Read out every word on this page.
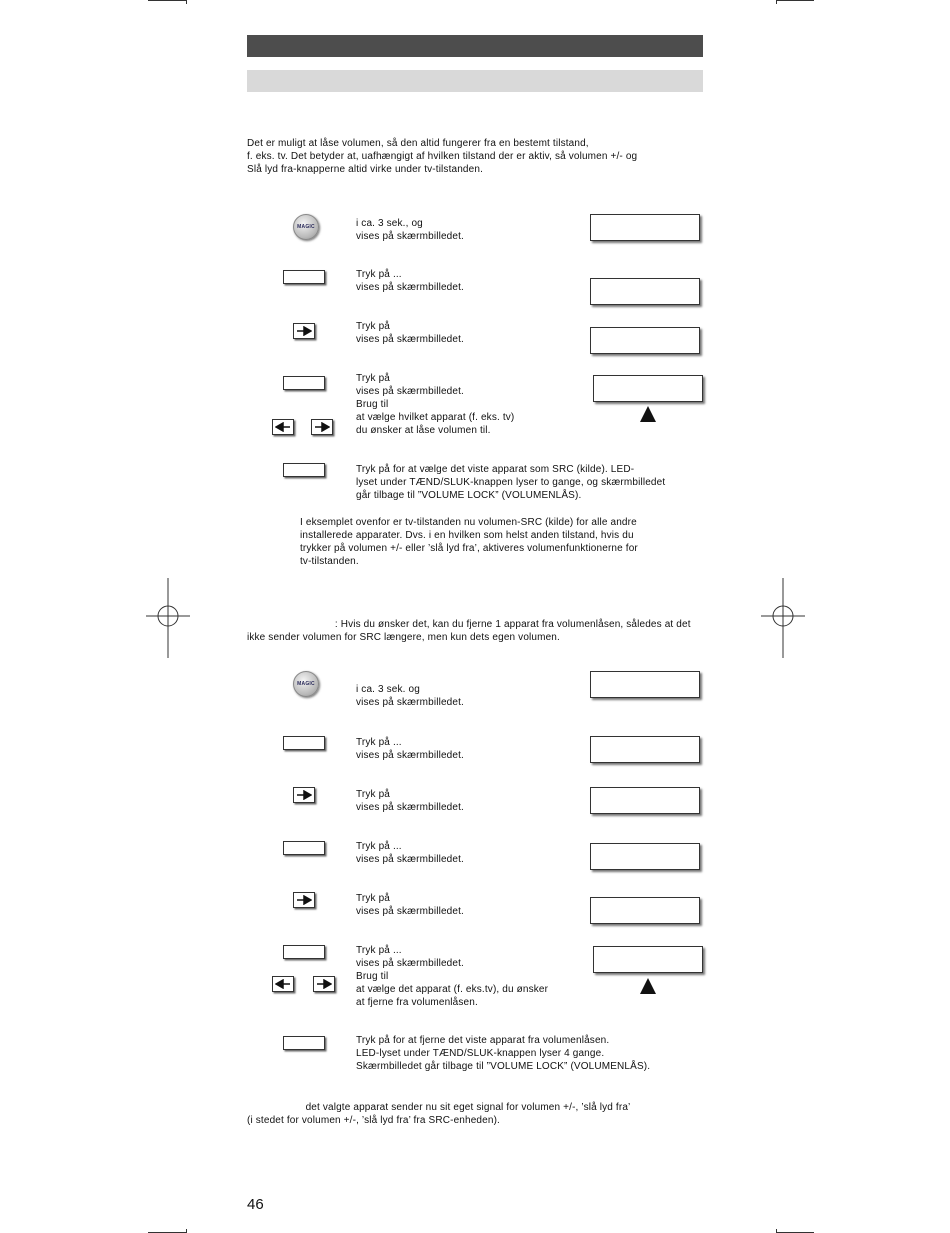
Det er muligt at låse volumen, så den altid fungerer fra en bestemt tilstand,
f. eks. tv. Det betyder at, uafhængigt af hvilken tilstand der er aktiv, så volumen +/- og
Slå lyd fra-knapperne altid virke under tv-tilstanden.
MAGIC	i ca. 3 sek., og
vises på skærmbilledet.
Tryk på ...
vises på skærmbilledet.
Tryk på
vises på skærmbilledet.
Tryk på
vises på skærmbilledet.
Brug til
at vælge hvilket apparat (f. eks. tv)
du ønsker at låse volumen til.
Tryk på for at vælge det viste apparat som SRC (kilde). LED-
lyset under TÆND/SLUK-knappen lyser to gange, og skærmbilledet
går tilbage til ”VOLUME LOCK” (VOLUMENLÅS).
I eksemplet ovenfor er tv-tilstanden nu volumen-SRC (kilde) for alle andre
installerede apparater. Dvs. i en hvilken som helst anden tilstand, hvis du
trykker på volumen +/- eller ’slå lyd fra’, aktiveres volumenfunktionerne for
tv-tilstanden.
: Hvis du ønsker det, kan du fjerne 1 apparat fra volumenlåsen, således at det
ikke sender volumen for SRC længere, men kun dets egen volumen.
MAGIC	i ca. 3 sek. og
vises på skærmbilledet.
Tryk på ...
vises på skærmbilledet.
Tryk på
vises på skærmbilledet.
Tryk på ...
vises på skærmbilledet.
Tryk på
vises på skærmbilledet.
Tryk på ...
vises på skærmbilledet.
Brug til
at vælge det apparat (f. eks.tv), du ønsker
at fjerne fra volumenlåsen.
Tryk på for at fjerne det viste apparat fra volumenlåsen.
LED-lyset under TÆND/SLUK-knappen lyser 4 gange.
Skærmbilledet går tilbage til ”VOLUME LOCK” (VOLUMENLÅS).
det valgte apparat sender nu sit eget signal for volumen +/-, ’slå lyd fra’
(i stedet for volumen +/-, ’slå lyd fra’ fra SRC-enheden).
46
